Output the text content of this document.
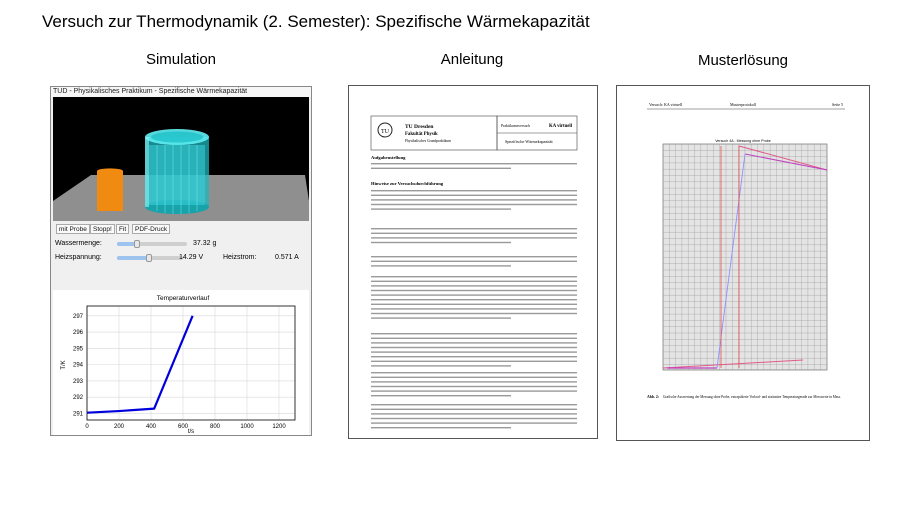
Versuch zur Thermodynamik (2. Semester): Spezifische Wärmekapazität
Simulation	Anleitung	Musterlösung
TUD - Physikalisches Praktikum - Spezifische Wärmekapazität
mit Probe Stopp!	Fit	PDF-Druck
Wassermenge:	37.32 g
Heizspannung:	14.29 V	Heizstrom:	0.571 A
Temperaturverlauf
t/s
T/K
0	200	400	600	800	1000	1200
291
292
293
294
295
296
297
TU
TU Dresden
Fakultät Physik
Physikalisches Grundpraktikum
Praktikumsversuch	KA virtuell
Spezifische Wärmekapazität
Aufgabenstellung
Hinweise zur Versuchsdurchführung
Versuch: KA virtuell	Musterprotokoll	Seite 5
Versuch 4A - Messung ohne Probe
Abb. 2: Grafische Auswertung der Messung ohne Probe, extrapolierte Vorlauf- und stationäre Temperaturgerade zur Messwerte in Mass.
